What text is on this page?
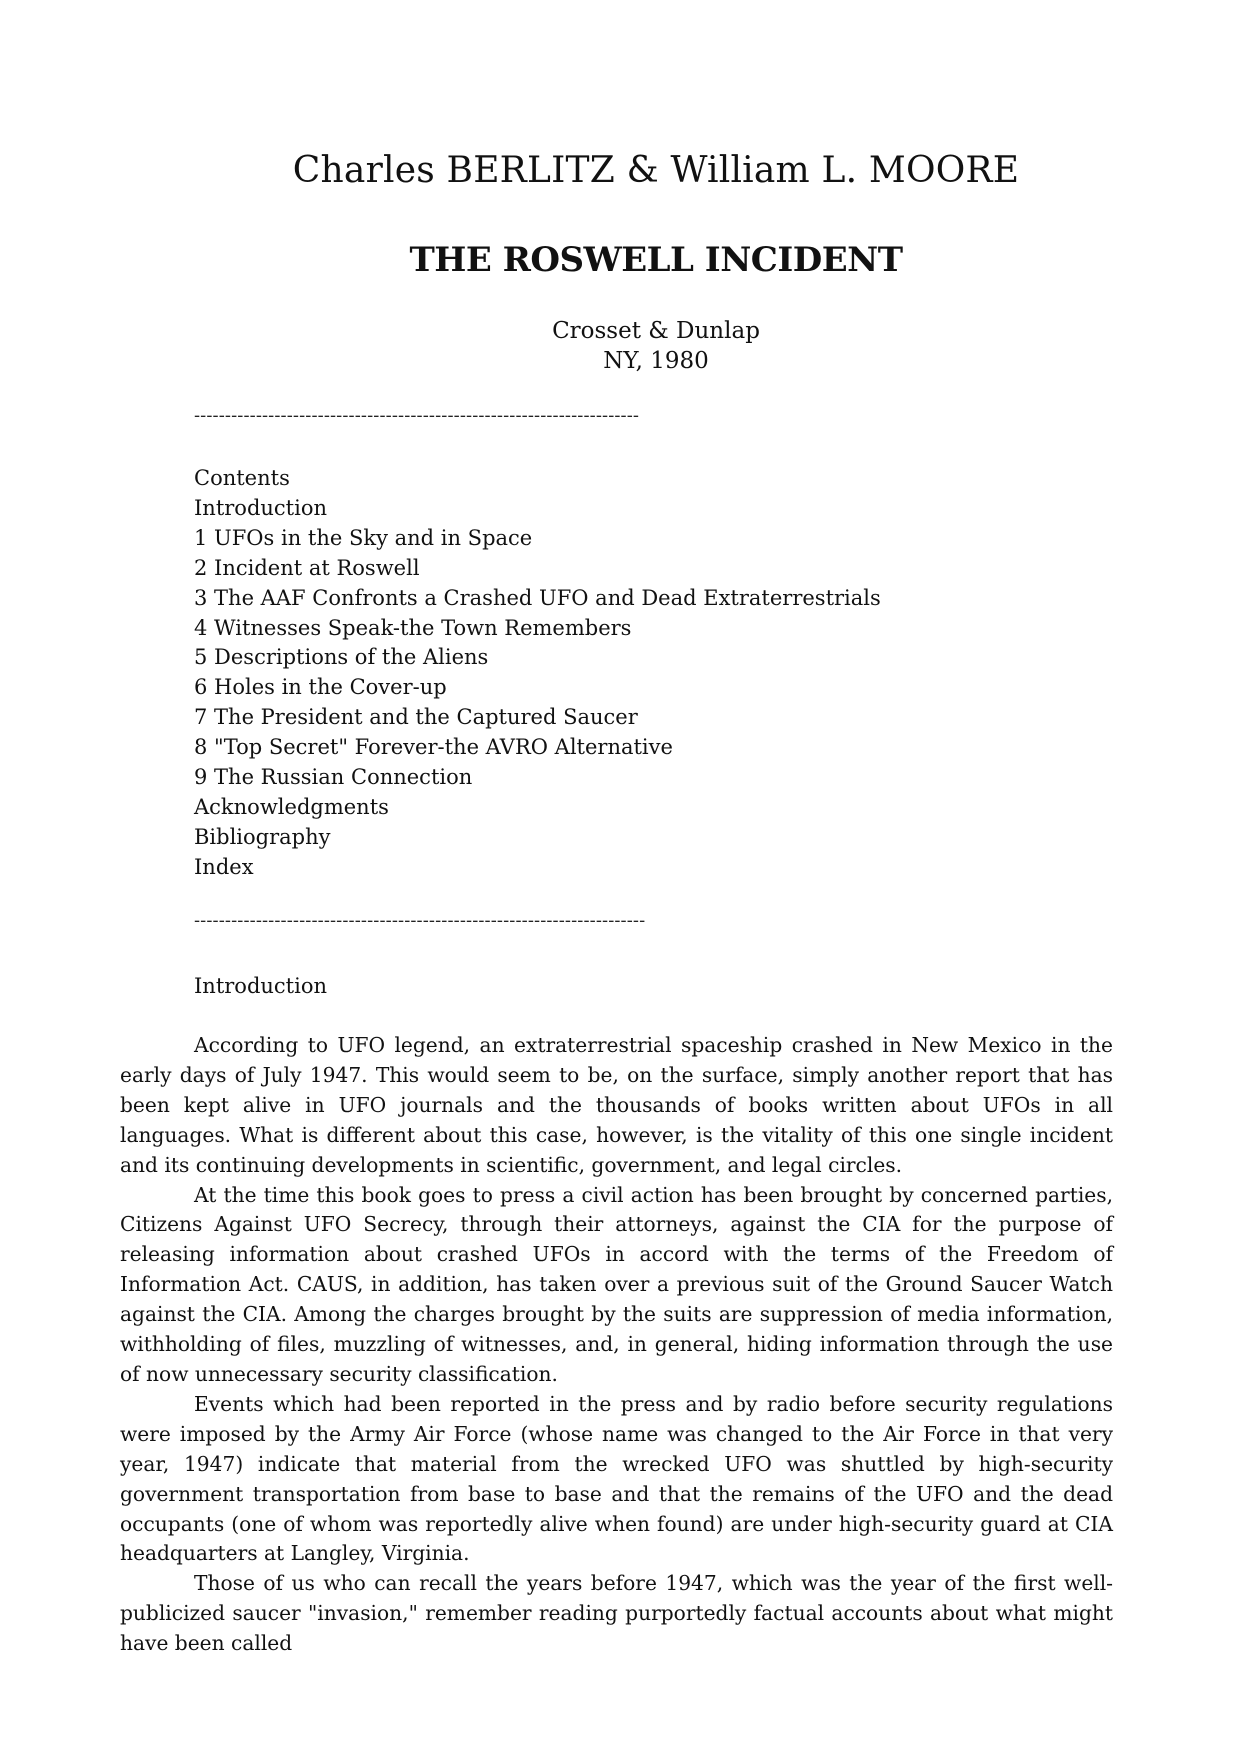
Charles BERLITZ & William L. MOORE
THE ROSWELL INCIDENT
Crosset & Dunlap
NY, 1980
------------------------------------------------------------------------
Contents
Introduction
1 UFOs in the Sky and in Space
2 Incident at Roswell
3 The AAF Confronts a Crashed UFO and Dead Extraterrestrials
4 Witnesses Speak-the Town Remembers
5 Descriptions of the Aliens
6 Holes in the Cover-up
7 The President and the Captured Saucer
8 "Top Secret" Forever-the AVRO Alternative
9 The Russian Connection
Acknowledgments
Bibliography
Index
-------------------------------------------------------------------------
Introduction

According to UFO legend, an extraterrestrial spaceship crashed in New Mexico in the early days of July 1947. This would seem to be, on the surface, simply another report that has been kept alive in UFO journals and the thousands of books written about UFOs in all languages. What is different about this case, however, is the vitality of this one single incident and its continuing developments in scientific, government, and legal circles.

At the time this book goes to press a civil action has been brought by concerned parties, Citizens Against UFO Secrecy, through their attorneys, against the CIA for the purpose of releasing information about crashed UFOs in accord with the terms of the Freedom of Information Act. CAUS, in addition, has taken over a previous suit of the Ground Saucer Watch against the CIA. Among the charges brought by the suits are suppression of media information, withholding of files, muzzling of witnesses, and, in general, hiding information through the use of now unnecessary security classification.

Events which had been reported in the press and by radio before security regulations were imposed by the Army Air Force (whose name was changed to the Air Force in that very year, 1947) indicate that material from the wrecked UFO was shuttled by high-security government transportation from base to base and that the remains of the UFO and the dead occupants (one of whom was reportedly alive when found) are under high-security guard at CIA headquarters at Langley, Virginia.

Those of us who can recall the years before 1947, which was the year of the first well-publicized saucer "invasion," remember reading purportedly factual accounts about what might have been called
